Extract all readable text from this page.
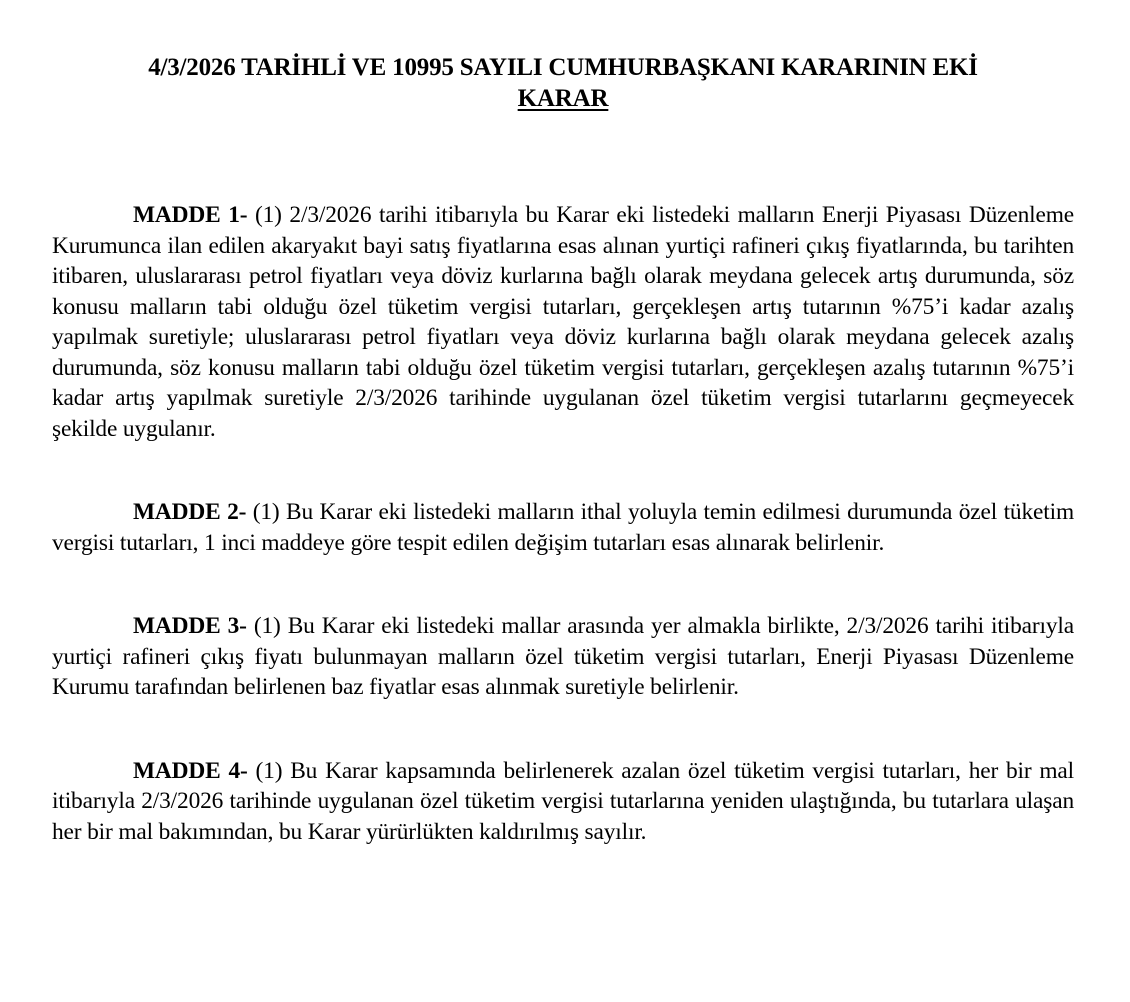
4/3/2026 TARİHLİ VE 10995 SAYILI CUMHURBAŞKANI KARARININ EKİ
KARAR

MADDE 1- (1) 2/3/2026 tarihi itibarıyla bu Karar eki listedeki malların Enerji Piyasası Düzenleme Kurumunca ilan edilen akaryakıt bayi satış fiyatlarına esas alınan yurtiçi rafineri çıkış fiyatlarında, bu tarihten itibaren, uluslararası petrol fiyatları veya döviz kurlarına bağlı olarak meydana gelecek artış durumunda, söz konusu malların tabi olduğu özel tüketim vergisi tutarları, gerçekleşen artış tutarının %75’i kadar azalış yapılmak suretiyle; uluslararası petrol fiyatları veya döviz kurlarına bağlı olarak meydana gelecek azalış durumunda, söz konusu malların tabi olduğu özel tüketim vergisi tutarları, gerçekleşen azalış tutarının %75’i kadar artış yapılmak suretiyle 2/3/2026 tarihinde uygulanan özel tüketim vergisi tutarlarını geçmeyecek şekilde uygulanır.

MADDE 2- (1) Bu Karar eki listedeki malların ithal yoluyla temin edilmesi durumunda özel tüketim vergisi tutarları, 1 inci maddeye göre tespit edilen değişim tutarları esas alınarak belirlenir.

MADDE 3- (1) Bu Karar eki listedeki mallar arasında yer almakla birlikte, 2/3/2026 tarihi itibarıyla yurtiçi rafineri çıkış fiyatı bulunmayan malların özel tüketim vergisi tutarları, Enerji Piyasası Düzenleme Kurumu tarafından belirlenen baz fiyatlar esas alınmak suretiyle belirlenir.

MADDE 4- (1) Bu Karar kapsamında belirlenerek azalan özel tüketim vergisi tutarları, her bir mal itibarıyla 2/3/2026 tarihinde uygulanan özel tüketim vergisi tutarlarına yeniden ulaştığında, bu tutarlara ulaşan her bir mal bakımından, bu Karar yürürlükten kaldırılmış sayılır.
